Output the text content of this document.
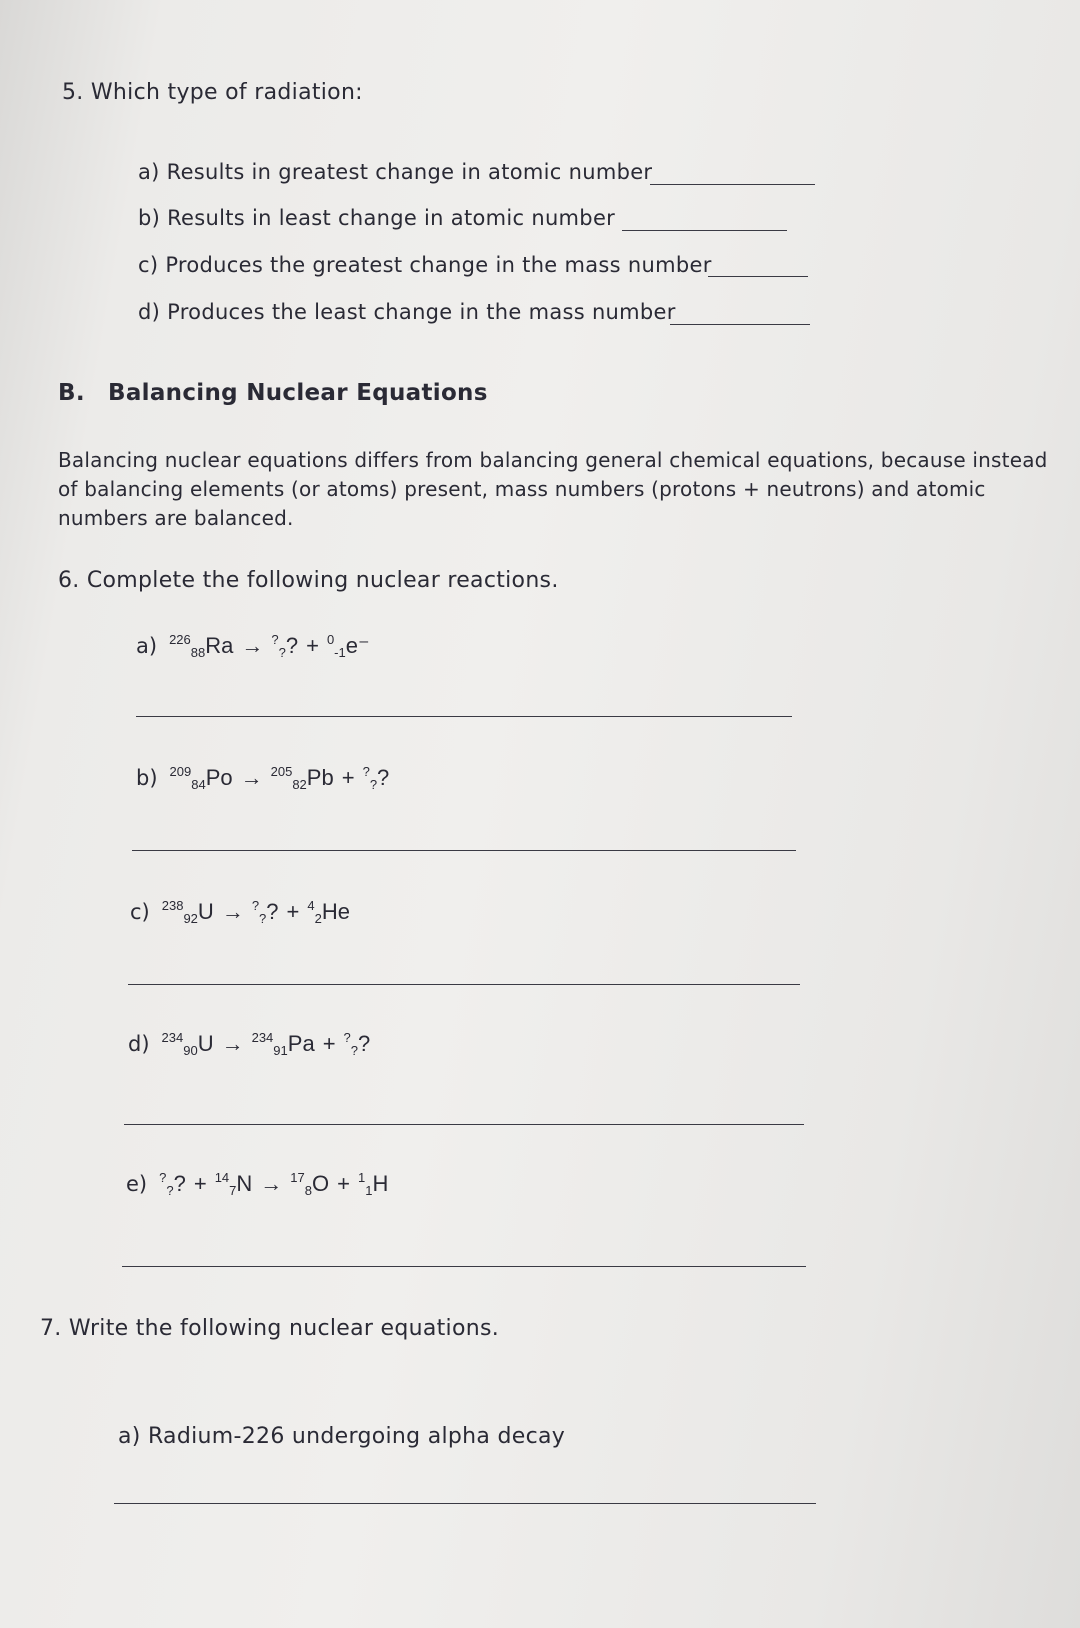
5. Which type of radiation:
a) Results in greatest change in atomic number
b) Results in least change in atomic number
c) Produces the greatest change in the mass number
d) Produces the least change in the mass number
B. Balancing Nuclear Equations
Balancing nuclear equations differs from balancing general chemical equations, because instead of balancing elements (or atoms) present, mass numbers (protons + neutrons) and atomic numbers are balanced.
6. Complete the following nuclear reactions.
a) $^{226}_{88}$Ra → ?$_?$? + $^0_{-1}$e⁻
b) $^{209}_{84}$Po → $^{205}_{82}$Pb + ?$_?$?
c) $^{238}_{92}$U → ?$_?$? + $^4_2$He
d) $^{234}_{90}$U → $^{234}_{91}$Pa + ?$_?$?
e) ?$_?$? + $^{14}_7$N → $^{17}_8$O + $^1_1$H
7. Write the following nuclear equations.
a) Radium-226 undergoing alpha decay
